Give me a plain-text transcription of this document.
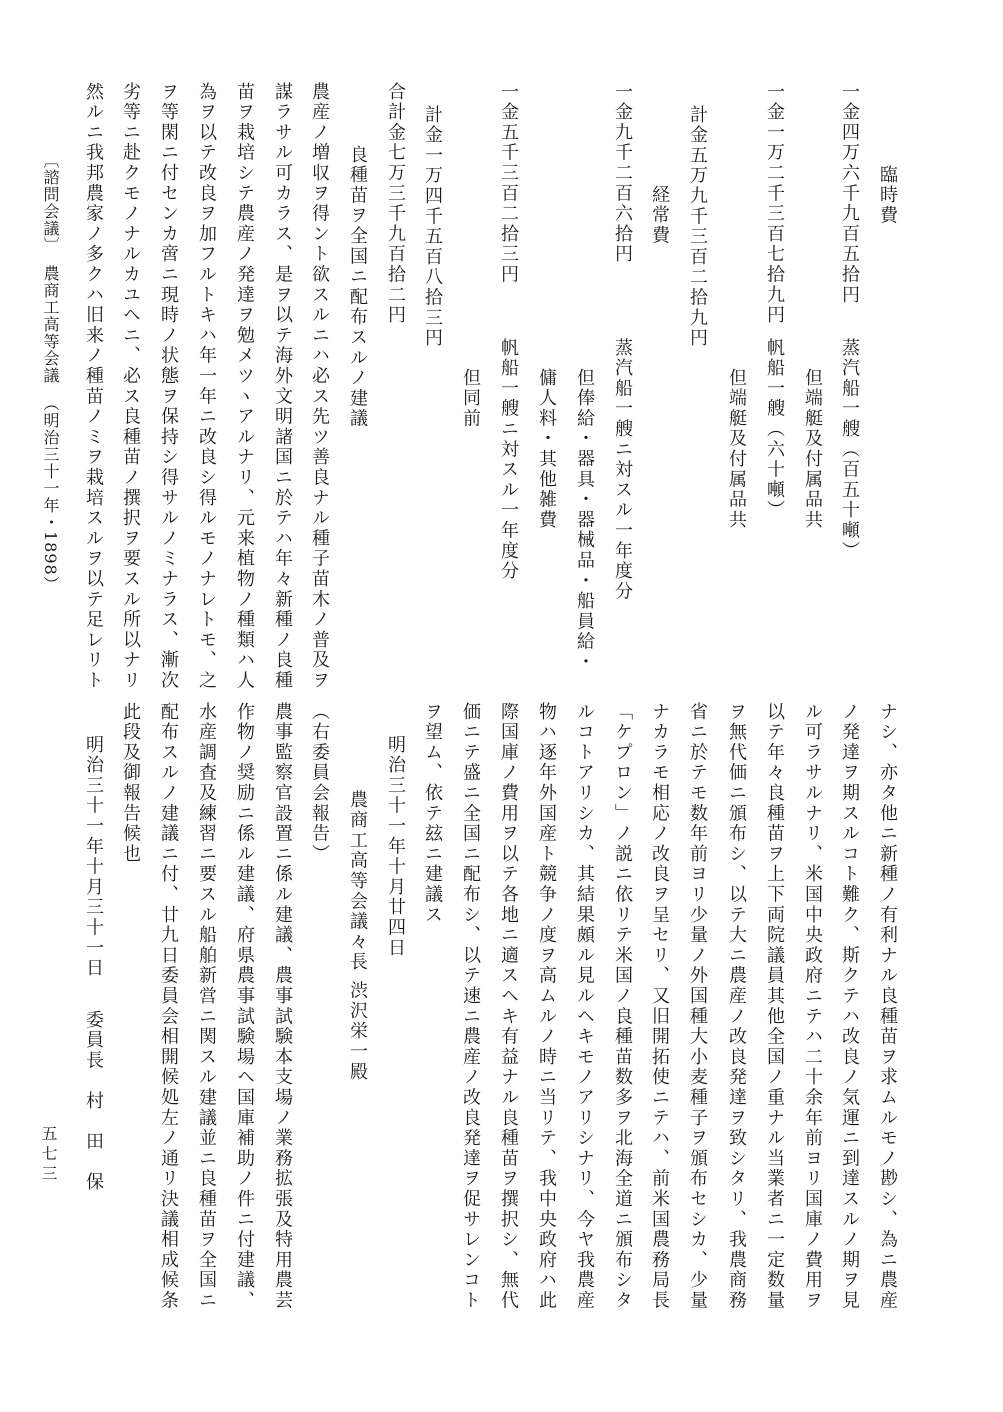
臨時費
一金四万六千九百五拾円
蒸汽船一艘（百五十噸）
但端艇及付属品共
一金一万二千三百七拾九円
帆船一艘（六十噸）
但端艇及付属品共
計金五万九千三百二拾九円
経常費
一金九千二百六拾円
蒸汽船一艘ニ対スル一年度分
但俸給・器具・器械品・船員給・
傭人料・其他雑費
一金五千三百二拾三円
帆船一艘ニ対スル一年度分
但同前
計金一万四千五百八拾三円
合計金七万三千九百拾二円
良種苗ヲ全国ニ配布スルノ建議
農産ノ増収ヲ得ント欲スルニハ必ス先ツ善良ナル種子苗木ノ普及ヲ
謀ラサル可カラス、是ヲ以テ海外文明諸国ニ於テハ年々新種ノ良種
苗ヲ栽培シテ農産ノ発達ヲ勉メツヽアルナリ、元来植物ノ種類ハ人
為ヲ以テ改良ヲ加フルトキハ年一年ニ改良シ得ルモノナレトモ、之
ヲ等閑ニ付センカ啻ニ現時ノ状態ヲ保持シ得サルノミナラス、漸次
劣等ニ赴クモノナルカユヘニ、必ス良種苗ノ撰択ヲ要スル所以ナリ
然ルニ我邦農家ノ多クハ旧来ノ種苗ノミヲ栽培スルヲ以テ足レリト
〔諮問会議〕
農商工高等会議
（明治三十一年・1898）
ナシ、亦タ他ニ新種ノ有利ナル良種苗ヲ求ムルモノ尠シ、為ニ農産
ノ発達ヲ期スルコト難ク、斯クテハ改良ノ気運ニ到達スルノ期ヲ見
ル可ラサルナリ、米国中央政府ニテハ二十余年前ヨリ国庫ノ費用ヲ
以テ年々良種苗ヲ上下両院議員其他全国ノ重ナル当業者ニ一定数量
ヲ無代価ニ頒布シ、以テ大ニ農産ノ改良発達ヲ致シタリ、我農商務
省ニ於テモ数年前ヨリ少量ノ外国種大小麦種子ヲ頒布セシカ、少量
ナカラモ相応ノ改良ヲ呈セリ、又旧開拓使ニテハ、前米国農務局長
「ケプロン」ノ説ニ依リテ米国ノ良種苗数多ヲ北海全道ニ頒布シタ
ルコトアリシカ、其結果頗ル見ルヘキモノアリシナリ、今ヤ我農産
物ハ逐年外国産ト競争ノ度ヲ高ムルノ時ニ当リテ、我中央政府ハ此
際国庫ノ費用ヲ以テ各地ニ適スヘキ有益ナル良種苗ヲ撰択シ、無代
価ニテ盛ニ全国ニ配布シ、以テ速ニ農産ノ改良発達ヲ促サレンコト
ヲ望ム、依テ玆ニ建議ス
明治三十一年十月廿四日
農商工高等会議々長 渋沢栄一殿
（右委員会報告）
農事監察官設置ニ係ル建議、農事試験本支場ノ業務拡張及特用農芸
作物ノ奨励ニ係ル建議、府県農事試験場ヘ国庫補助ノ件ニ付建議、
水産調査及練習ニ要スル船舶新営ニ関スル建議並ニ良種苗ヲ全国ニ
配布スルノ建議ニ付、廿九日委員会相開候処左ノ通リ決議相成候条
此段及御報告候也
明治三十一年十月三十一日
委員長　村　田　保
五七三
